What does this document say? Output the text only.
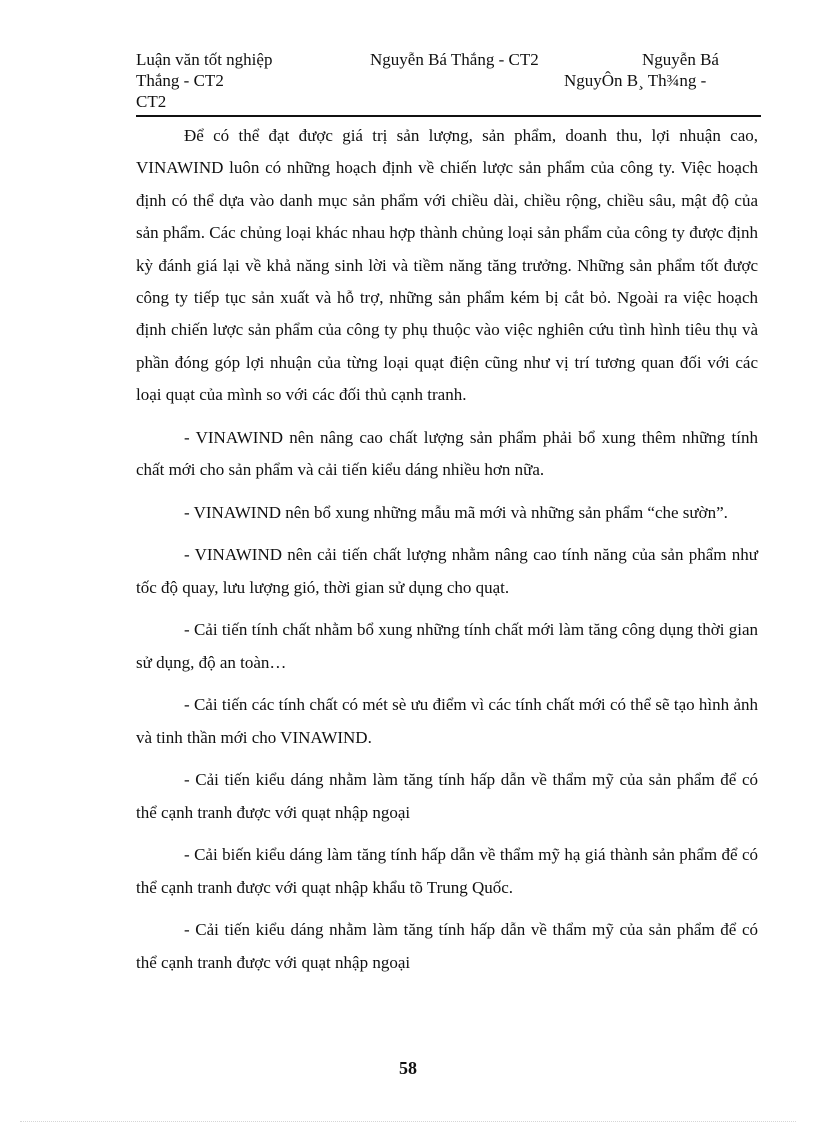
Luận văn tốt nghiệp	Nguyễn Bá Thắng - CT2	Nguyễn Bá
Thắng - CT2	NguyÔn B¸ Th¾ng -
CT2

Để có thể đạt được giá trị sản lượng, sản phẩm, doanh thu, lợi nhuận cao, VINAWIND luôn có những hoạch định về chiến lược sản phẩm của công ty. Việc hoạch định có thể dựa vào danh mục sản phẩm với chiều dài, chiều rộng, chiều sâu, mật độ của sản phẩm. Các chủng loại khác nhau hợp thành chủng loại sản phẩm của công ty được định kỳ đánh giá lại về khả năng sinh lời và tiềm năng tăng trưởng. Những sản phẩm tốt được công ty tiếp tục sản xuất và hỗ trợ, những sản phẩm kém bị cắt bỏ. Ngoài ra việc hoạch định chiến lược sản phẩm của công ty phụ thuộc vào việc nghiên cứu tình hình tiêu thụ và phần đóng góp lợi nhuận của từng loại quạt điện cũng như vị trí tương quan đối với các loại quạt của mình so với các đối thủ cạnh tranh.

- VINAWIND nên nâng cao chất lượng sản phẩm phải bổ xung thêm những tính chất mới cho sản phẩm và cải tiến kiểu dáng nhiều hơn nữa.

- VINAWIND nên bổ xung những mẫu mã mới và những sản phẩm “che sườn”.

- VINAWIND nên cải tiến chất lượng nhằm nâng cao tính năng của sản phẩm như tốc độ quay, lưu lượng gió, thời gian sử dụng cho quạt.

- Cải tiến tính chất nhằm bổ xung những tính chất mới làm tăng công dụng thời gian sử dụng, độ an toàn…

- Cải tiến các tính chất có mét sè ưu điểm vì các tính chất mới có thể sẽ tạo hình ảnh và tinh thần mới cho VINAWIND.

- Cải tiến kiểu dáng nhằm làm tăng tính hấp dẫn về thẩm mỹ của sản phẩm để có thể cạnh tranh được với quạt nhập ngoại

- Cải biến kiểu dáng làm tăng tính hấp dẫn về thẩm mỹ hạ giá thành sản phẩm để có thể cạnh tranh được với quạt nhập khẩu tõ Trung Quốc.

- Cải tiến kiểu dáng nhằm làm tăng tính hấp dẫn về thẩm mỹ của sản phẩm để có thể cạnh tranh được với quạt nhập ngoại

58
